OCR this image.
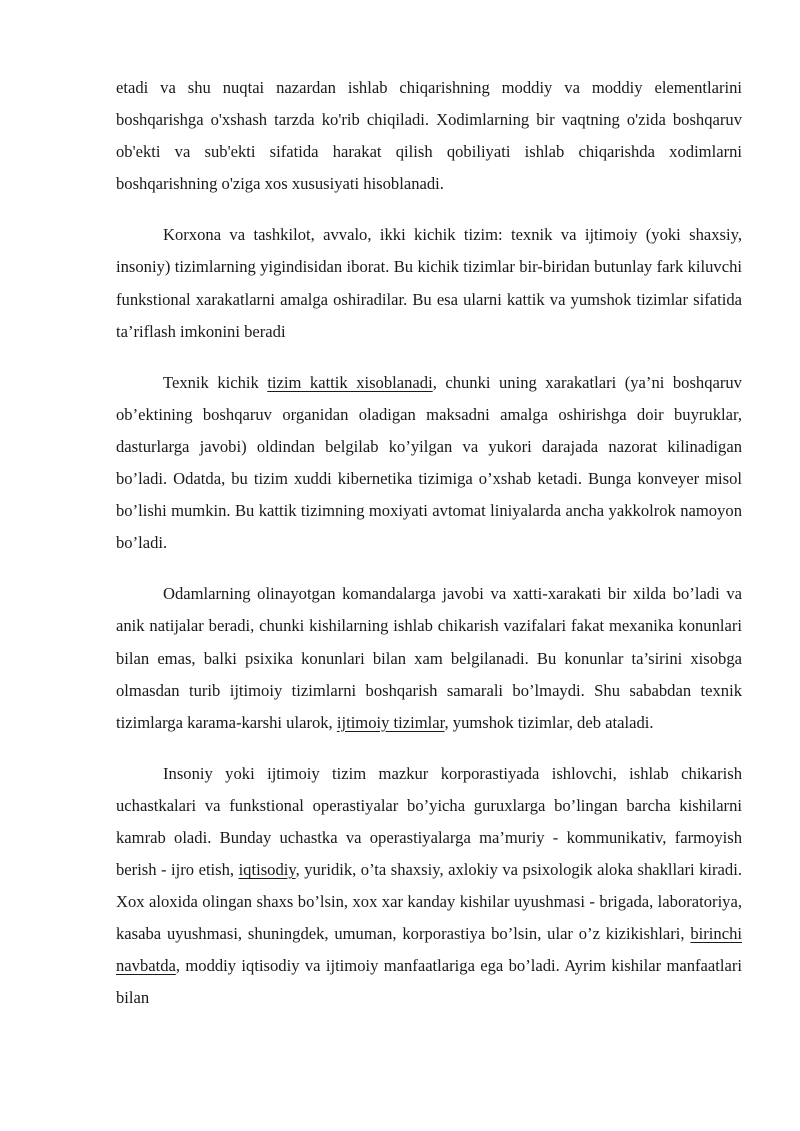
etadi va shu nuqtai nazardan ishlab chiqarishning moddiy va moddiy elementlarini boshqarishga o'xshash tarzda ko'rib chiqiladi. Xodimlarning bir vaqtning o'zida boshqaruv ob'ekti va sub'ekti sifatida harakat qilish qobiliyati ishlab chiqarishda xodimlarni boshqarishning o'ziga xos xususiyati hisoblanadi.

Korxona va tashkilot, avvalo, ikki kichik tizim: texnik va ijtimoiy (yoki shaxsiy, insoniy) tizimlarning yigindisidan iborat. Bu kichik tizimlar bir-biridan butunlay fark kiluvchi funkstional xarakatlarni amalga oshiradilar. Bu esa ularni kattik va yumshok tizimlar sifatida ta’riflash imkonini beradi

Texnik kichik tizim kattik xisoblanadi, chunki uning xarakatlari (ya’ni boshqaruv ob’ektining boshqaruv organidan oladigan maksadni amalga oshirishga doir buyruklar, dasturlarga javobi) oldindan belgilab ko’yilgan va yukori darajada nazorat kilinadigan bo’ladi. Odatda, bu tizim xuddi kibernetika tizimiga o’xshab ketadi. Bunga konveyer misol bo’lishi mumkin. Bu kattik tizimning moxiyati avtomat liniyalarda ancha yakkolrok namoyon bo’ladi.

Odamlarning olinayotgan komandalarga javobi va xatti-xarakati bir xilda bo’ladi va anik natijalar beradi, chunki kishilarning ishlab chikarish vazifalari fakat mexanika konunlari bilan emas, balki psixika konunlari bilan xam belgilanadi. Bu konunlar ta’sirini xisobga olmasdan turib ijtimoiy tizimlarni boshqarish samarali bo’lmaydi. Shu sababdan texnik tizimlarga karama-karshi ularok, ijtimoiy tizimlar, yumshok tizimlar, deb ataladi.

Insoniy yoki ijtimoiy tizim mazkur korporastiyada ishlovchi, ishlab chikarish uchastkalari va funkstional operastiyalar bo’yicha guruxlarga bo’lingan barcha kishilarni kamrab oladi. Bunday uchastka va operastiyalarga ma’muriy - kommunikativ, farmoyish berish - ijro etish, iqtisodiy, yuridik, o’ta shaxsiy, axlokiy va psixologik aloka shakllari kiradi. Xox aloxida olingan shaxs bo’lsin, xox xar kanday kishilar uyushmasi - brigada, laboratoriya, kasaba uyushmasi, shuningdek, umuman, korporastiya bo’lsin, ular o’z kizikishlari, birinchi navbatda, moddiy iqtisodiy va ijtimoiy manfaatlariga ega bo’ladi. Ayrim kishilar manfaatlari bilan
